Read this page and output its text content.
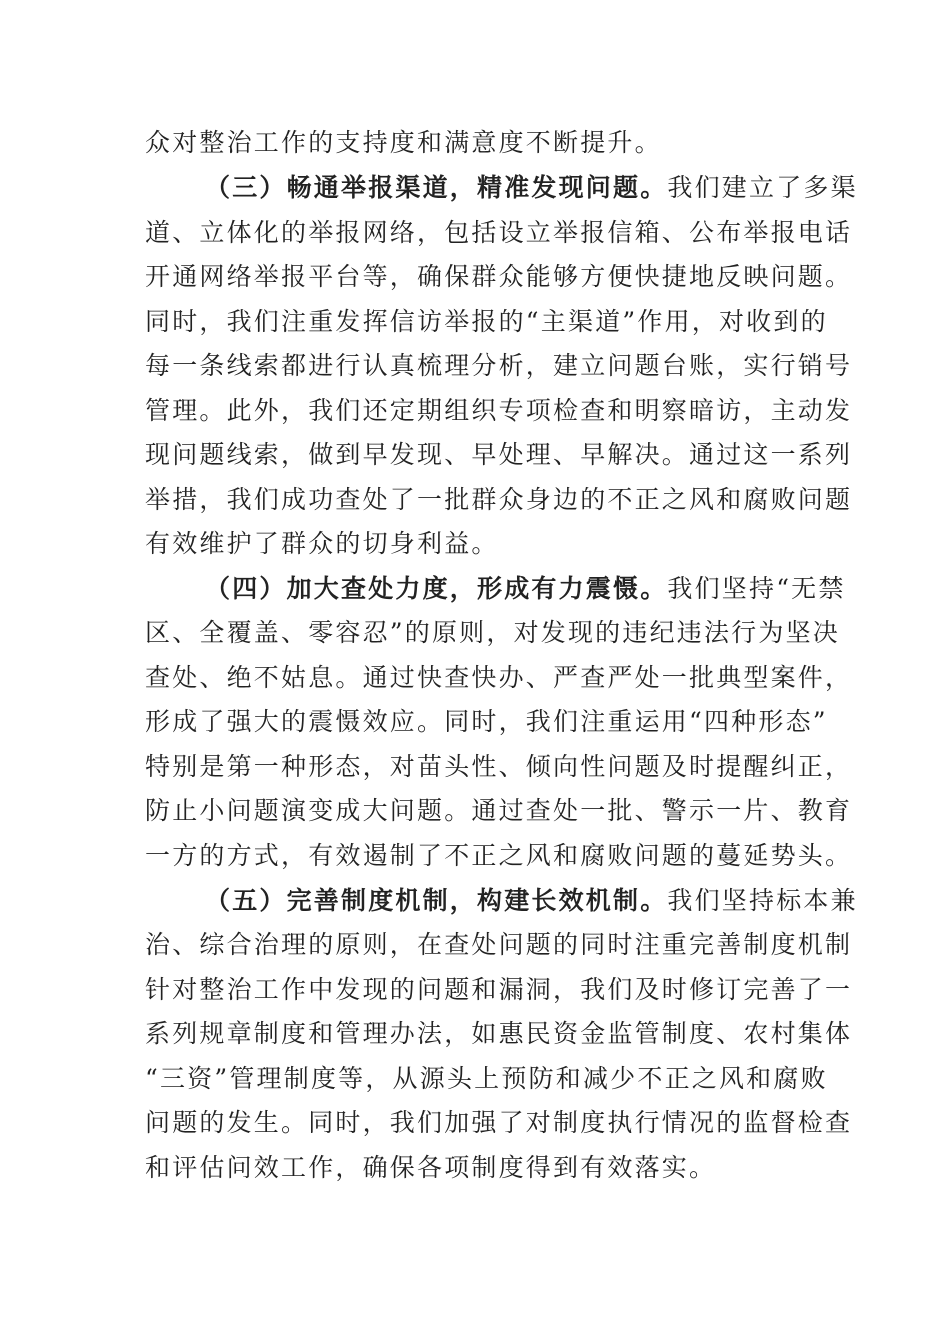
众对整治工作的支持度和满意度不断提升。
（三）畅通举报渠道，精准发现问题。我们建立了多渠
道、立体化的举报网络，包括设立举报信箱、公布举报电话
开通网络举报平台等，确保群众能够方便快捷地反映问题。
同时，我们注重发挥信访举报的“主渠道”作用，对收到的
每一条线索都进行认真梳理分析，建立问题台账，实行销号
管理。此外，我们还定期组织专项检查和明察暗访，主动发
现问题线索，做到早发现、早处理、早解决。通过这一系列
举措，我们成功查处了一批群众身边的不正之风和腐败问题
有效维护了群众的切身利益。
（四）加大查处力度，形成有力震慑。我们坚持“无禁
区、全覆盖、零容忍”的原则，对发现的违纪违法行为坚决
查处、绝不姑息。通过快查快办、严查严处一批典型案件，
形成了强大的震慑效应。同时，我们注重运用“四种形态”
特别是第一种形态，对苗头性、倾向性问题及时提醒纠正，
防止小问题演变成大问题。通过查处一批、警示一片、教育
一方的方式，有效遏制了不正之风和腐败问题的蔓延势头。
（五）完善制度机制，构建长效机制。我们坚持标本兼
治、综合治理的原则，在查处问题的同时注重完善制度机制
针对整治工作中发现的问题和漏洞，我们及时修订完善了一
系列规章制度和管理办法，如惠民资金监管制度、农村集体
“三资”管理制度等，从源头上预防和减少不正之风和腐败
问题的发生。同时，我们加强了对制度执行情况的监督检查
和评估问效工作，确保各项制度得到有效落实。
